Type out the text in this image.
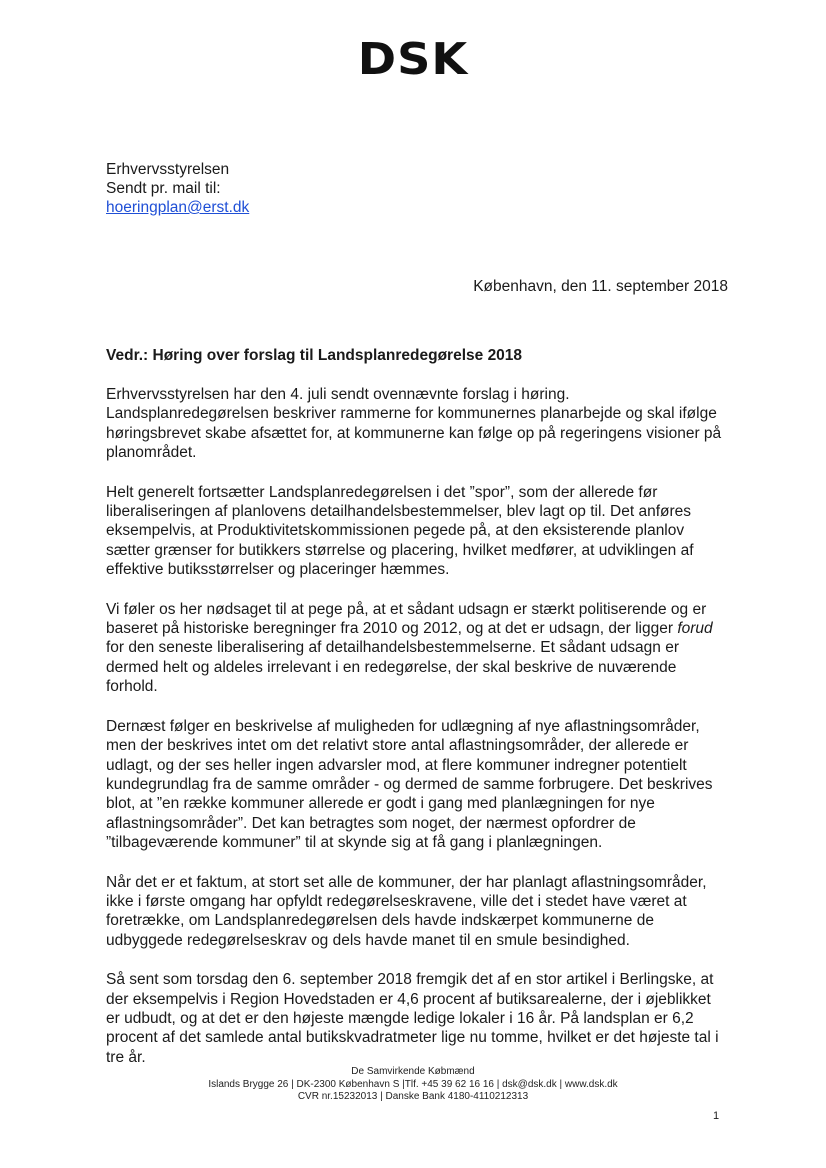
DSK
Erhvervsstyrelsen
Sendt pr. mail til:
hoeringplan@erst.dk
København, den 11. september 2018
Vedr.: Høring over forslag til Landsplanredegørelse 2018

Erhvervsstyrelsen har den 4. juli sendt ovennævnte forslag i høring. Landsplanredegørelsen beskriver rammerne for kommunernes planarbejde og skal ifølge høringsbrevet skabe afsættet for, at kommunerne kan følge op på regeringens visioner på planområdet.

Helt generelt fortsætter Landsplanredegørelsen i det ”spor”, som der allerede før liberaliseringen af planlovens detailhandelsbestemmelser, blev lagt op til. Det anføres eksempelvis, at Produktivitetskommissionen pegede på, at den eksisterende planlov sætter grænser for butikkers størrelse og placering, hvilket medfører, at udviklingen af effektive butiksstørrelser og placeringer hæmmes.

Vi føler os her nødsaget til at pege på, at et sådant udsagn er stærkt politiserende og er baseret på historiske beregninger fra 2010 og 2012, og at det er udsagn, der ligger forud for den seneste liberalisering af detailhandelsbestemmelserne. Et sådant udsagn er dermed helt og aldeles irrelevant i en redegørelse, der skal beskrive de nuværende forhold.

Dernæst følger en beskrivelse af muligheden for udlægning af nye aflastningsområder, men der beskrives intet om det relativt store antal aflastningsområder, der allerede er udlagt, og der ses heller ingen advarsler mod, at flere kommuner indregner potentielt kundegrundlag fra de samme områder - og dermed de samme forbrugere. Det beskrives blot, at ”en række kommuner allerede er godt i gang med planlægningen for nye aflastningsområder”. Det kan betragtes som noget, der nærmest opfordrer de ”tilbageværende kommuner” til at skynde sig at få gang i planlægningen.

Når det er et faktum, at stort set alle de kommuner, der har planlagt aflastningsområder, ikke i første omgang har opfyldt redegørelseskravene, ville det i stedet have været at foretrække, om Landsplanredegørelsen dels havde indskærpet kommunerne de udbyggede redegørelseskrav og dels havde manet til en smule besindighed.

Så sent som torsdag den 6. september 2018 fremgik det af en stor artikel i Berlingske, at der eksempelvis i Region Hovedstaden er 4,6 procent af butiksarealerne, der i øjeblikket er udbudt, og at det er den højeste mængde ledige lokaler i 16 år. På landsplan er 6,2 procent af det samlede antal butikskvadratmeter lige nu tomme, hvilket er det højeste tal i tre år.

De Samvirkende Købmænd
Islands Brygge 26 | DK-2300 København S |Tlf. +45 39 62 16 16 | dsk@dsk.dk | www.dsk.dk
CVR nr.15232013 | Danske Bank 4180-4110212313
1
